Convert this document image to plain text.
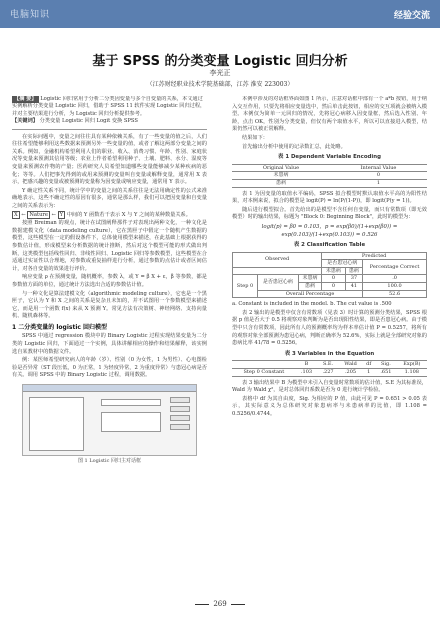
电脑知识	经验交流
基于 SPSS 的分类变量 Logistic 回归分析
李光正
（江苏财经职业技术学院基础部，江苏 淮安 223003）
【摘 要】 Logistic 回归常用于分析二分类因变量与多个自变量的关系，本文通过实例解析分类变量 Logistic 回归，借助于 SPSS 11 软件实现 Logistic 回归过程，并对主要结果进行分析，为 Logistic 回归分析提供参考。
【关键词】 分类变量 Logistic 回归 Logit 变换 SPSS

在实际问题中，变量之间往往具有某种依赖关系，有了一些变量的值之后，人们往往希望能够利用这些数据来预测另外一些变量的值，或者了解这两部分变量之间的关系。例如，金融机构希望利用人们的职业、收入、消费习惯、年龄、性别、家庭状况等变量来预测其信用等级；农业上作者希望利用种子、土壤、肥料、水分、湿度等变量来预测农作物的产量；医药研究人员希望知道哪些变量能够减少某种疾病的恶化；等等。人们把事先得到的或用来预测的变量叫自变量或解释变量，通常用 X 表示，把感兴趣的变量或被预测的变量称为因变量或响应变量，通常用 Y 表示。

Y 确定性关系不同，统计学中的变量之间的关系往往是无法用确定性的公式来准确地表示，这些不确定性的原因有很多，通常是那么样，我们可以把因变量和自变量之间的关系表示为：

X ← Nature ← Y 中间的 Y 函数若干表示 X 与 Y 之间的某种数量关系。

按照 Breiman 的观点，统计在试图阐释那件子对表现出两种文化，一种文化是数据建模文化（data modeling culture），它在黑匣子中假定一个随机产生数据的模型，这些模型在一定的假设条件下，总体使用模型来描述，在此基础上根据获得的参数估计值，形成模型来分析数据的统计推断，然后对这个模型可能的形式做出判断，这类模型包括线性回归、非线性回归、Logistic 回归等参数模型，这些模型在合适通过实证性以合理地，对参数或重复抽样进行分析，通过参数的点估计或者区间估计，对各自变量的效果进行评价。

响应变量 ρ 在预测变量，随机概率，参数 λ，或 Y = β X + ε，β 等参数，都是参数值方面的单位，通过统计方法选出合适的参数估计值。

与一种文化是算法建模文化（algorithmic modeling culture），它也是一个黑匣子，它认为 Y 和 X 之间的关系是复杂且未知的，并不试图用一个参数模型来描述它，而是用一个函数 f(x) 来从 X 预测 Y。常见方法有决策树、神经网络、支持向量机、随机森林等。

1 二分类变量的 logistic 回归模型

SPSS 中通过 regression 模块中的 Binary Logistic 过程实现结果变量为二分类的 Logistic 回归，下面通过一个实例，具体讲解相应的操作和结果解释，该实例选自某教材中的数据文件。

例：某医师希望研究病人的年龄（岁）、性别（0 为女性，1 为男性）、心电图检验是否异常（ST 段压低，0 为正常，1 为轻度异常，2 为重度异常）与患冠心病是否有关。调用 SPSS 中的 Binary Logistic 过程，调用数据。

图 1 Logistic 回归主对话框

本例中涉及的对话框界面如图 1 所示，注意对话框中部有一个 a*b 按钮，用于纳入交互作用，只要先将相应变量选中，然后单击此按钮，相应的交互项就会被纳入模型。本例仅为简单一元回归的情况，先将冠心病移入因变量框，然后选入性别、年龄，点击 OK，性别为分类变量，但仅有两个取值水平，所以可以直接进入模型，结果仍然可以被正常解释。

结果如下：

首先输出分析中使用的记录数汇总，此处略。

表 1 Dependent Variable Encoding
Original Value	Internal Value
未患病	0
患病	1

表 1 为因变量的取值水平编码，SPSS 拟合模型时默认取值水平高的为阳性结果，对本例来说，拟合的模型是 logit(P) = ln(P/(1-P))，即 logit(P(y = 1))。

随后进行模型拟合。首先给出的是模型不含任何自变量，而只有常数项（即无效模型）时的输出结果，标题为 "Block 0: Beginning Block"，此时的模型为：

logit(p) = β0 = 0.103，p = exp(β0)/(1+exp(β0)) = exp(0.103)/(1+exp(0.103)) = 0.526
表 2 Classification Table
Observed			Predicted		
			是否患冠心病		Percentage Correct
			未患病	患病	
Step 0	是否患冠心病	未患病	0	37	.0
		患病	0	41	100.0
	Overall Percentage				52.6

a. Constant is included in the model. b. The cut value is .500

表 2 输出的是模型中仅含有常数项（见表 3）时计算的预测分类结果，SPSS 根据 p 值是否大于 0.5 将观察对象判断为是否出现阳性结果，即是否患冠心病。由于模型中只含有常数项，因此所有人的预测概率均为样本率估计值 P = 0.5257，将所有的观察对象全部预测为患冠心病，判断正确率为 52.6%，实际上就是全部研究对象的患病比率 41/78 = 0.5256。

表 3 Variables in the Equation
	B	S.E.	Wald	df	Sig.	Exp(B)
Step 0 Constant	.103	.227	.205	1	.651	1.108

表 3 输出结果中 B 为模型中未引入自变量时常数项的估计值，S.E 为其标准误，Wald 为 Wald χ²，是对总体回归系数是否为 0 进行统计学检验。

表格中 df 为其自由度，Sig. 为相应的 P 值，由此可见 P = 0.651 > 0.05 表示，其实际意义为总体研究对象患病率与未患病率的比值，即 1.108 = 0.5256/0.4744。

269
